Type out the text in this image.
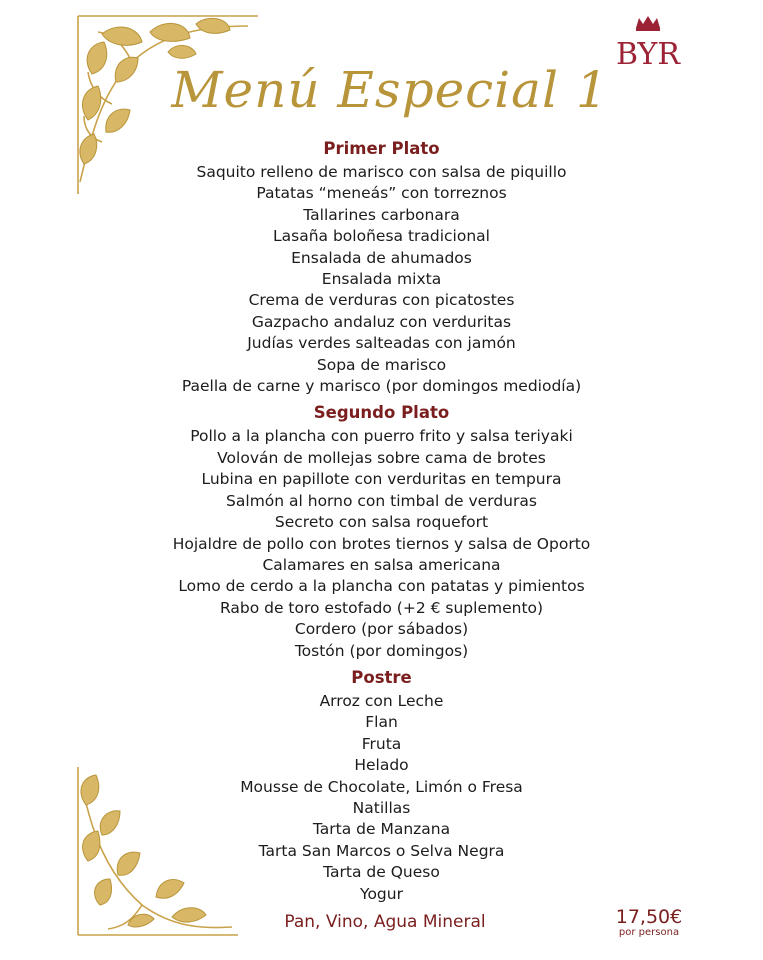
BYR
Menú Especial 1
Primer Plato
Saquito relleno de marisco con salsa de piquillo
Patatas “meneás” con torreznos
Tallarines carbonara
Lasaña boloñesa tradicional
Ensalada de ahumados
Ensalada mixta
Crema de verduras con picatostes
Gazpacho andaluz con verduritas
Judías verdes salteadas con jamón
Sopa de marisco
Paella de carne y marisco (por domingos mediodía)
Segundo Plato
Pollo a la plancha con puerro frito y salsa teriyaki
Volován de mollejas sobre cama de brotes
Lubina en papillote con verduritas en tempura
Salmón al horno con timbal de verduras
Secreto con salsa roquefort
Hojaldre de pollo con brotes tiernos y salsa de Oporto
Calamares en salsa americana
Lomo de cerdo a la plancha con patatas y pimientos
Rabo de toro estofado (+2 € suplemento)
Cordero (por sábados)
Tostón (por domingos)
Postre
Arroz con Leche
Flan
Fruta
Helado
Mousse de Chocolate, Limón o Fresa
Natillas
Tarta de Manzana
Tarta San Marcos o Selva Negra
Tarta de Queso
Yogur
Pan, Vino, Agua Mineral	17,50€
por persona
